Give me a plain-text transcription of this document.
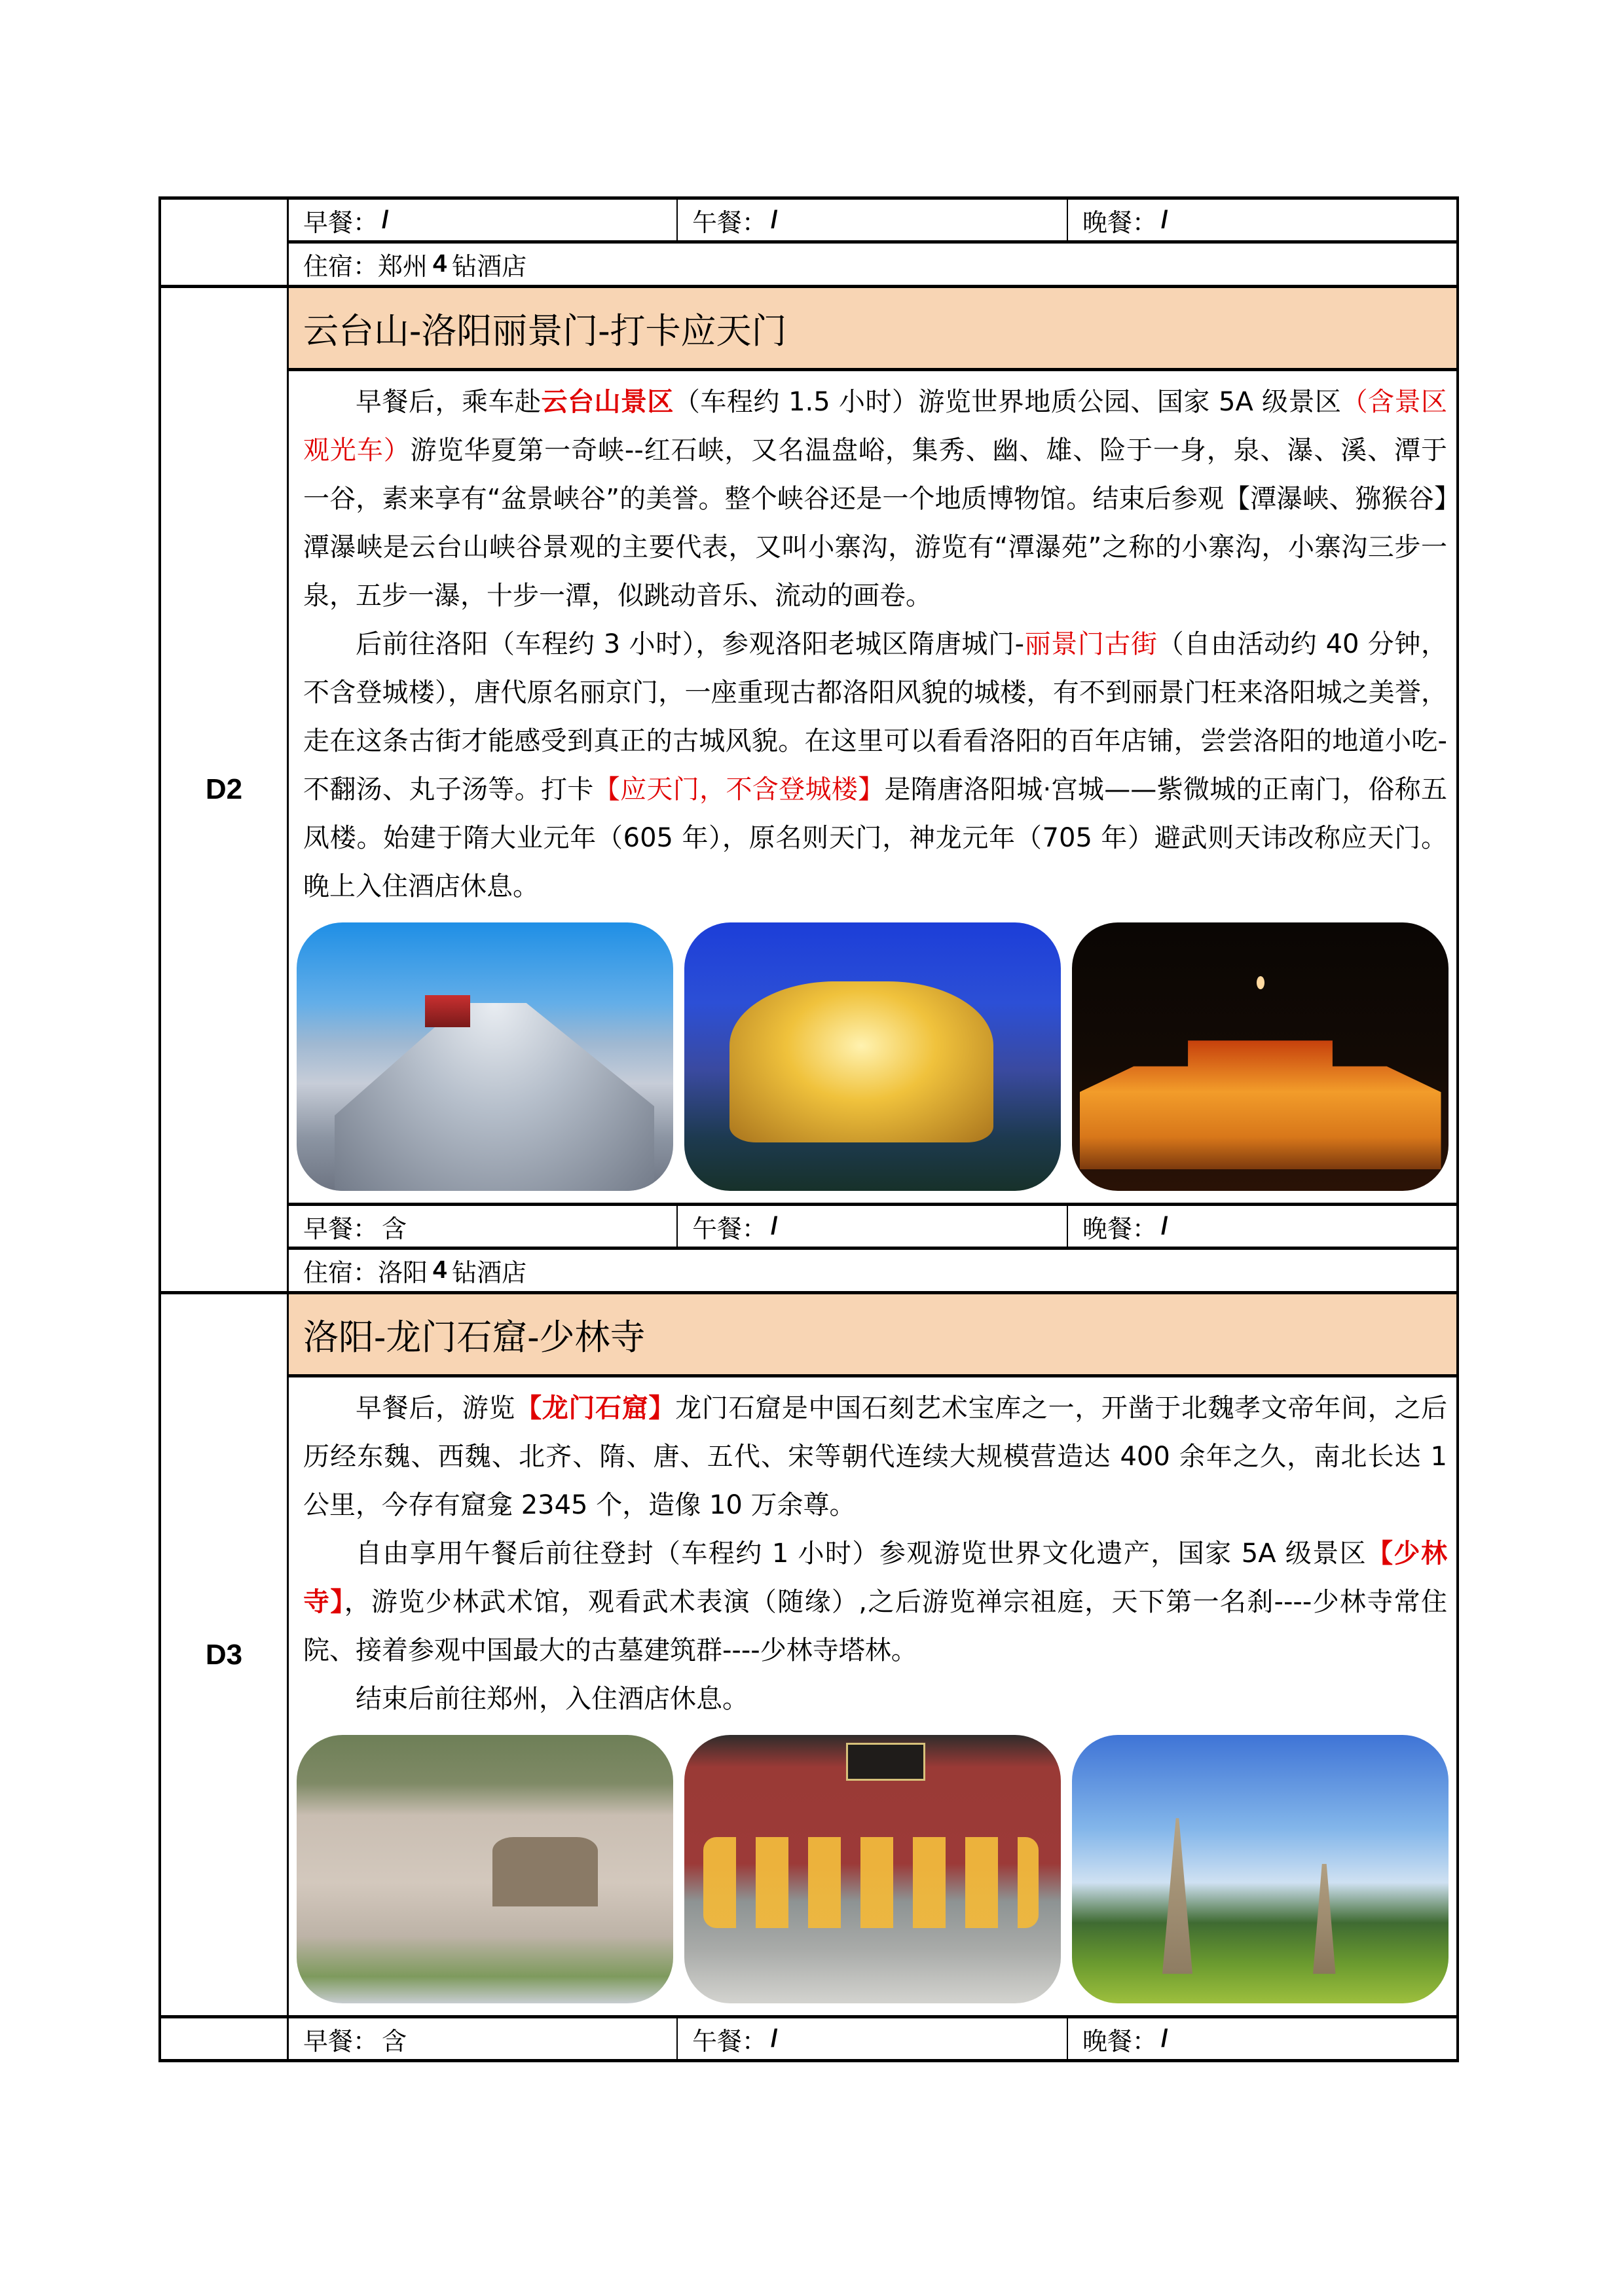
早餐： /	午餐： /	晚餐： /
住宿： 郑州 4 钻酒店
D2
云台山-洛阳丽景门-打卡应天门

早餐后，乘车赴云台山景区（车程约 1.5 小时）游览世界地质公园、国家 5A 级景区（含景区观光车）游览华夏第一奇峡--红石峡，又名温盘峪，集秀、幽、雄、险于一身，泉、瀑、溪、潭于一谷，素来享有“盆景峡谷”的美誉。整个峡谷还是一个地质博物馆。结束后参观【潭瀑峡、猕猴谷】潭瀑峡是云台山峡谷景观的主要代表，又叫小寨沟，游览有“潭瀑苑”之称的小寨沟，小寨沟三步一泉，五步一瀑，十步一潭，似跳动音乐、流动的画卷。

后前往洛阳（车程约 3 小时），参观洛阳老城区隋唐城门-丽景门古街（自由活动约 40 分钟，不含登城楼），唐代原名丽京门，一座重现古都洛阳风貌的城楼，有不到丽景门枉来洛阳城之美誉，走在这条古街才能感受到真正的古城风貌。在这里可以看看洛阳的百年店铺，尝尝洛阳的地道小吃-不翻汤、丸子汤等。打卡【应天门，不含登城楼】是隋唐洛阳城·宫城——紫微城的正南门，俗称五凤楼。始建于隋大业元年（605 年），原名则天门，神龙元年（705 年）避武则天讳改称应天门。晚上入住酒店休息。

早餐： 含	午餐： /	晚餐： /
住宿： 洛阳 4 钻酒店
D3
洛阳-龙门石窟-少林寺

早餐后，游览【龙门石窟】龙门石窟是中国石刻艺术宝库之一，开凿于北魏孝文帝年间，之后历经东魏、西魏、北齐、隋、唐、五代、宋等朝代连续大规模营造达 400 余年之久，南北长达 1 公里，今存有窟龛 2345 个，造像 10 万余尊。

自由享用午餐后前往登封（车程约 1 小时）参观游览世界文化遗产，国家 5A 级景区【少林寺】，游览少林武术馆，观看武术表演（随缘）,之后游览禅宗祖庭，天下第一名刹----少林寺常住院、接着参观中国最大的古墓建筑群----少林寺塔林。

结束后前往郑州，入住酒店休息。

早餐： 含	午餐： /	晚餐： /
